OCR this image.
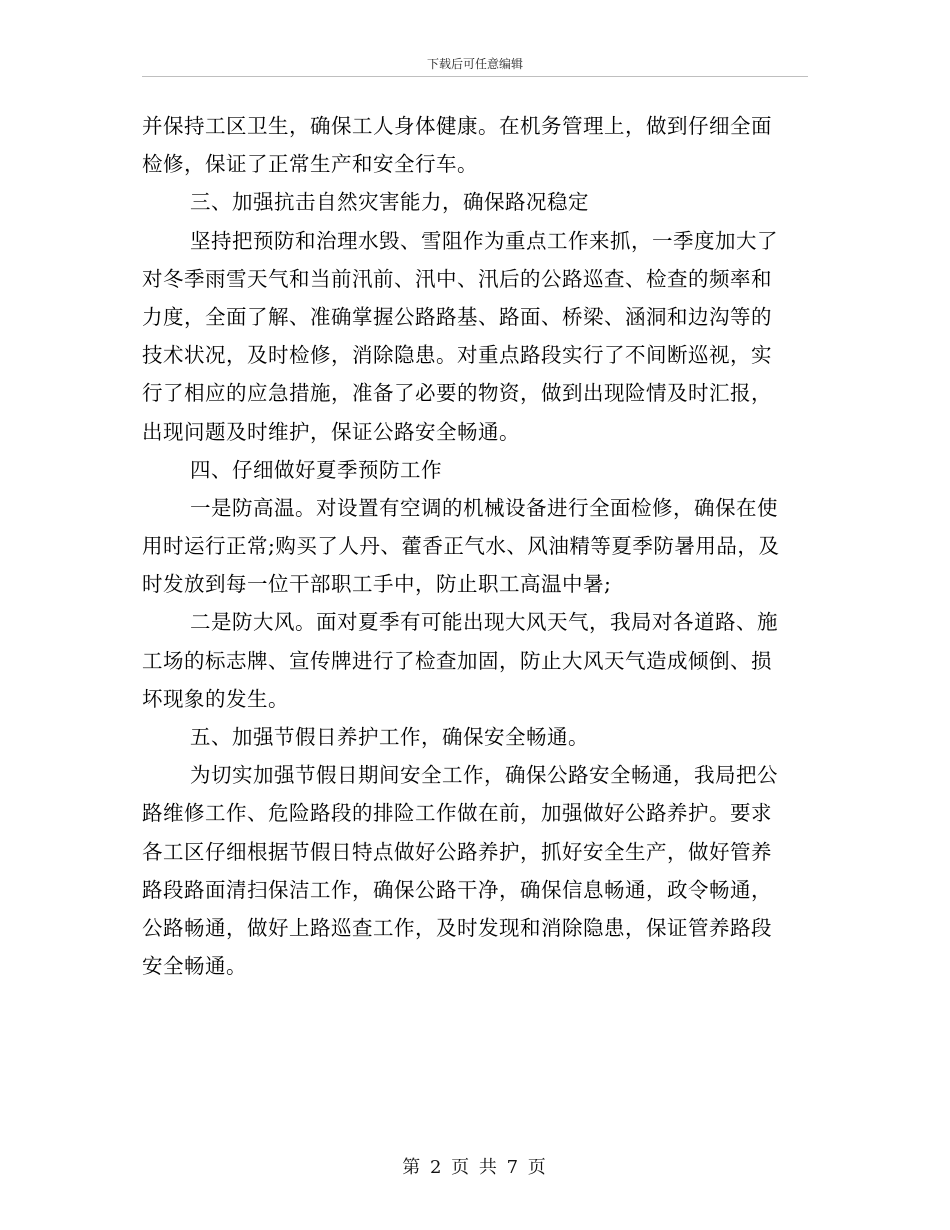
下载后可任意编辑
并保持工区卫生，确保工人身体健康。在机务管理上，做到仔细全面
检修，保证了正常生产和安全行车。
三、加强抗击自然灾害能力，确保路况稳定
坚持把预防和治理水毁、雪阻作为重点工作来抓，一季度加大了
对冬季雨雪天气和当前汛前、汛中、汛后的公路巡查、检查的频率和
力度，全面了解、准确掌握公路路基、路面、桥梁、涵洞和边沟等的
技术状况，及时检修，消除隐患。对重点路段实行了不间断巡视，实
行了相应的应急措施，准备了必要的物资，做到出现险情及时汇报，
出现问题及时维护，保证公路安全畅通。
四、仔细做好夏季预防工作
一是防高温。对设置有空调的机械设备进行全面检修，确保在使
用时运行正常;购买了人丹、藿香正气水、风油精等夏季防暑用品，及
时发放到每一位干部职工手中，防止职工高温中暑;
二是防大风。面对夏季有可能出现大风天气，我局对各道路、施
工场的标志牌、宣传牌进行了检查加固，防止大风天气造成倾倒、损
坏现象的发生。
五、加强节假日养护工作，确保安全畅通。
为切实加强节假日期间安全工作，确保公路安全畅通，我局把公
路维修工作、危险路段的排险工作做在前，加强做好公路养护。要求
各工区仔细根据节假日特点做好公路养护，抓好安全生产，做好管养
路段路面清扫保洁工作，确保公路干净，确保信息畅通，政令畅通，
公路畅通，做好上路巡查工作，及时发现和消除隐患，保证管养路段
安全畅通。
第 2 页 共 7 页
